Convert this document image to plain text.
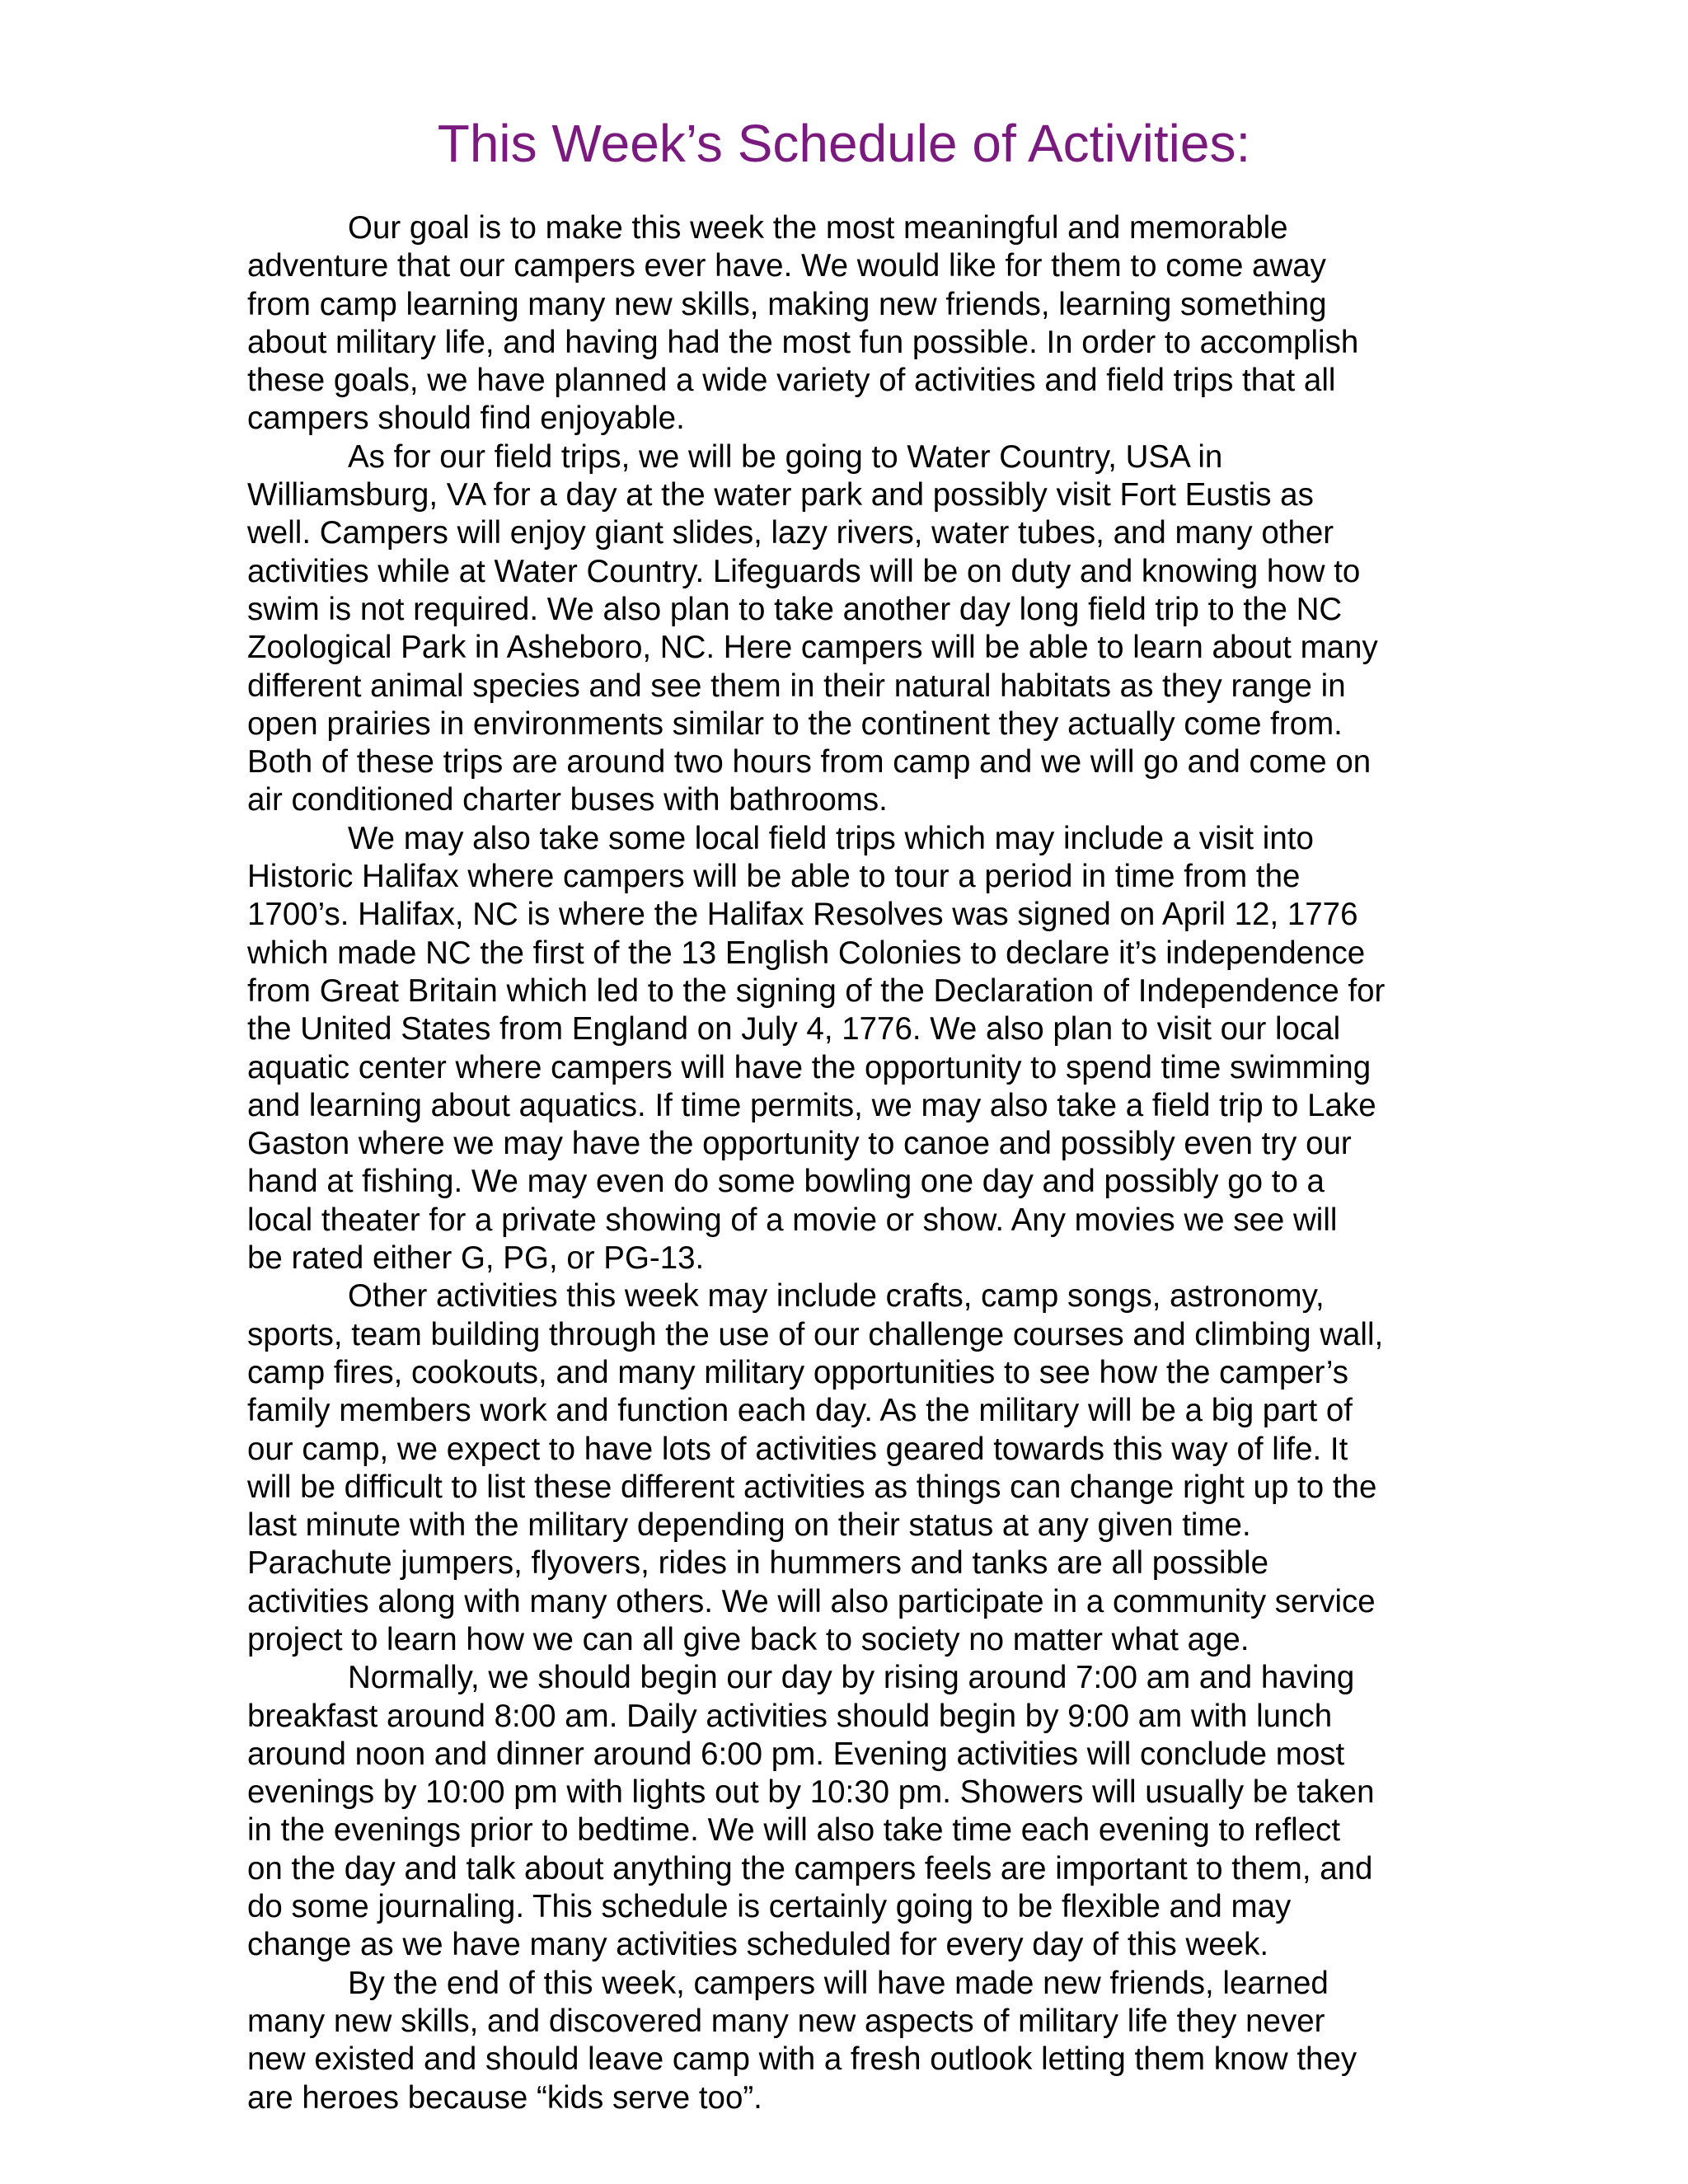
This Week’s Schedule of Activities:

Our goal is to make this week the most meaningful and memorable
adventure that our campers ever have. We would like for them to come away
from camp learning many new skills, making new friends, learning something
about military life, and having had the most fun possible. In order to accomplish
these goals, we have planned a wide variety of activities and field trips that all
campers should find enjoyable.

As for our field trips, we will be going to Water Country, USA in
Williamsburg, VA for a day at the water park and possibly visit Fort Eustis as
well. Campers will enjoy giant slides, lazy rivers, water tubes, and many other
activities while at Water Country. Lifeguards will be on duty and knowing how to
swim is not required. We also plan to take another day long field trip to the NC
Zoological Park in Asheboro, NC. Here campers will be able to learn about many
different animal species and see them in their natural habitats as they range in
open prairies in environments similar to the continent they actually come from.
Both of these trips are around two hours from camp and we will go and come on
air conditioned charter buses with bathrooms.

We may also take some local field trips which may include a visit into
Historic Halifax where campers will be able to tour a period in time from the
1700’s. Halifax, NC is where the Halifax Resolves was signed on April 12, 1776
which made NC the first of the 13 English Colonies to declare it’s independence
from Great Britain which led to the signing of the Declaration of Independence for
the United States from England on July 4, 1776. We also plan to visit our local
aquatic center where campers will have the opportunity to spend time swimming
and learning about aquatics. If time permits, we may also take a field trip to Lake
Gaston where we may have the opportunity to canoe and possibly even try our
hand at fishing. We may even do some bowling one day and possibly go to a
local theater for a private showing of a movie or show. Any movies we see will
be rated either G, PG, or PG-13.

Other activities this week may include crafts, camp songs, astronomy,
sports, team building through the use of our challenge courses and climbing wall,
camp fires, cookouts, and many military opportunities to see how the camper’s
family members work and function each day. As the military will be a big part of
our camp, we expect to have lots of activities geared towards this way of life. It
will be difficult to list these different activities as things can change right up to the
last minute with the military depending on their status at any given time.
Parachute jumpers, flyovers, rides in hummers and tanks are all possible
activities along with many others. We will also participate in a community service
project to learn how we can all give back to society no matter what age.

Normally, we should begin our day by rising around 7:00 am and having
breakfast around 8:00 am. Daily activities should begin by 9:00 am with lunch
around noon and dinner around 6:00 pm. Evening activities will conclude most
evenings by 10:00 pm with lights out by 10:30 pm. Showers will usually be taken
in the evenings prior to bedtime. We will also take time each evening to reflect
on the day and talk about anything the campers feels are important to them, and
do some journaling. This schedule is certainly going to be flexible and may
change as we have many activities scheduled for every day of this week.

By the end of this week, campers will have made new friends, learned
many new skills, and discovered many new aspects of military life they never
new existed and should leave camp with a fresh outlook letting them know they
are heroes because “kids serve too”.
